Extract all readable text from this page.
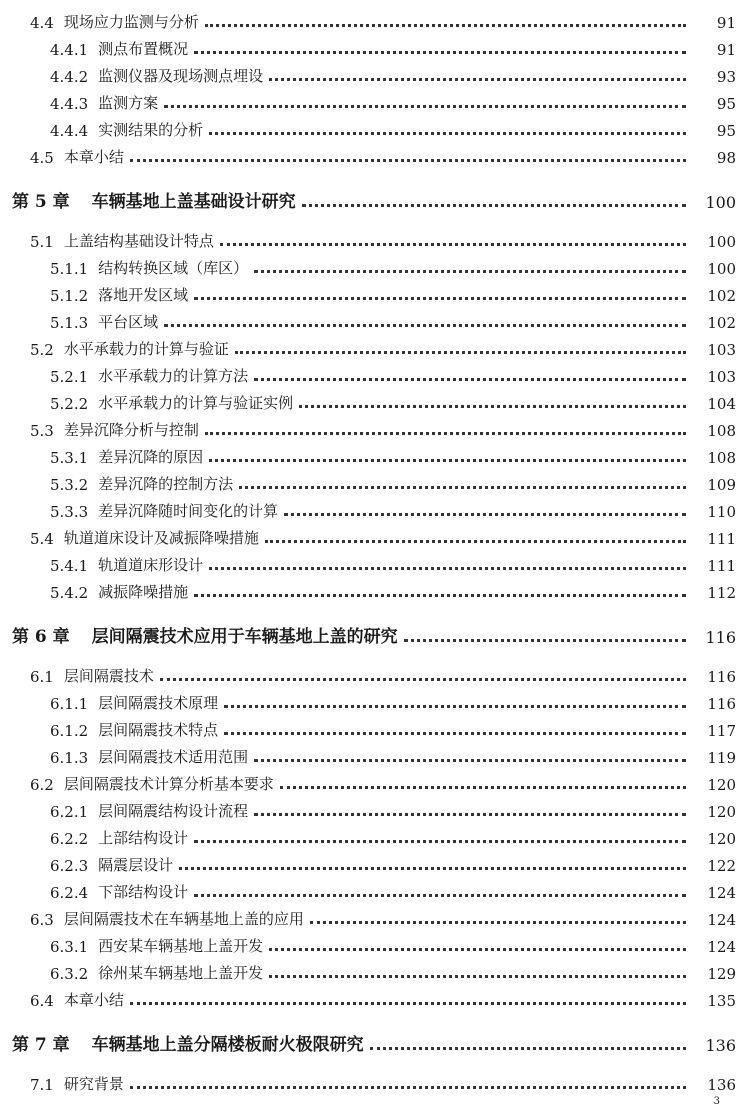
4.4 现场应力监测与分析	91
4.4.1 测点布置概况	91
4.4.2 监测仪器及现场测点埋设	93
4.4.3 监测方案	95
4.4.4 实测结果的分析	95
4.5 本章小结	98
第 5 章 车辆基地上盖基础设计研究	100
5.1 上盖结构基础设计特点	100
5.1.1 结构转换区域（库区）	100
5.1.2 落地开发区域	102
5.1.3 平台区域	102
5.2 水平承载力的计算与验证	103
5.2.1 水平承载力的计算方法	103
5.2.2 水平承载力的计算与验证实例	104
5.3 差异沉降分析与控制	108
5.3.1 差异沉降的原因	108
5.3.2 差异沉降的控制方法	109
5.3.3 差异沉降随时间变化的计算	110
5.4 轨道道床设计及减振降噪措施	111
5.4.1 轨道道床形设计	111
5.4.2 减振降噪措施	112
第 6 章 层间隔震技术应用于车辆基地上盖的研究	116
6.1 层间隔震技术	116
6.1.1 层间隔震技术原理	116
6.1.2 层间隔震技术特点	117
6.1.3 层间隔震技术适用范围	119
6.2 层间隔震技术计算分析基本要求	120
6.2.1 层间隔震结构设计流程	120
6.2.2 上部结构设计	120
6.2.3 隔震层设计	122
6.2.4 下部结构设计	124
6.3 层间隔震技术在车辆基地上盖的应用	124
6.3.1 西安某车辆基地上盖开发	124
6.3.2 徐州某车辆基地上盖开发	129
6.4 本章小结	135
第 7 章 车辆基地上盖分隔楼板耐火极限研究	136
7.1 研究背景	136
3
